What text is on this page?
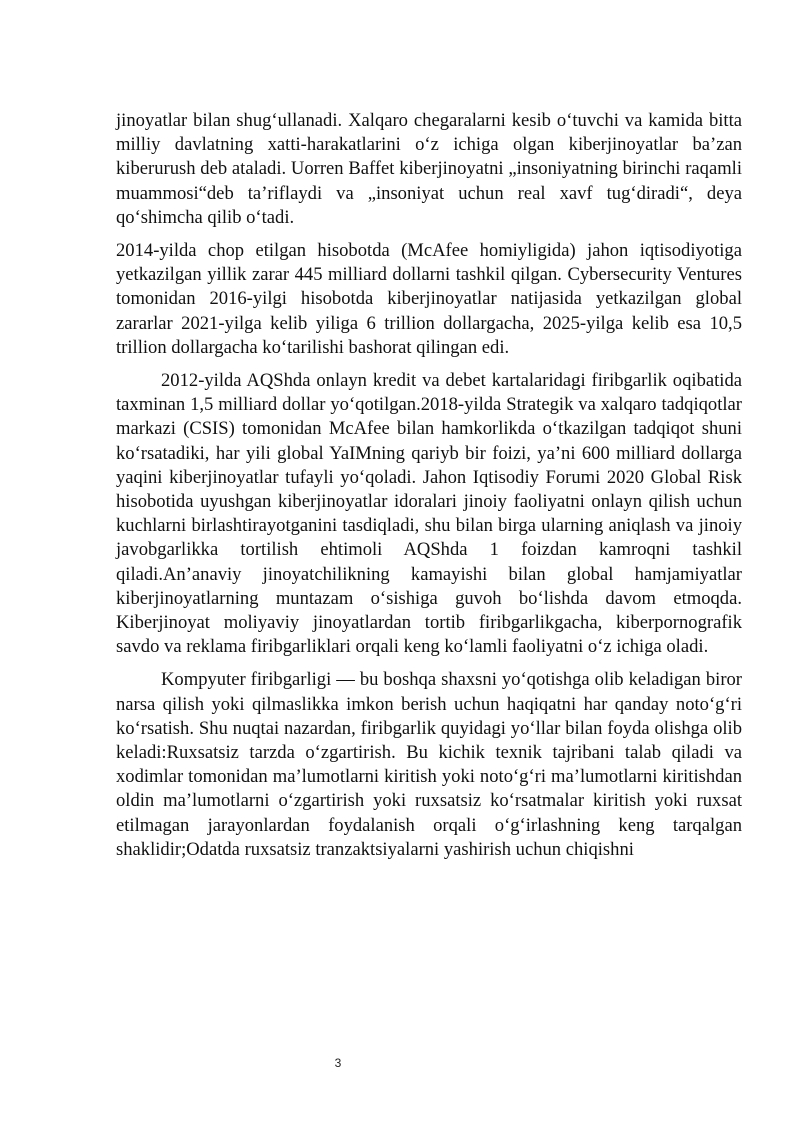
jinoyatlar bilan shug‘ullanadi. Xalqaro chegaralarni kesib o‘tuvchi va kamida bitta milliy davlatning xatti-harakatlarini o‘z ichiga olgan kiberjinoyatlar ba’zan kiberurush deb ataladi. Uorren Baffet kiberjinoyatni „insoniyatning birinchi raqamli muammosi“deb ta’riflaydi va „insoniyat uchun real xavf tug‘diradi“, deya qo‘shimcha qilib o‘tadi.

2014-yilda chop etilgan hisobotda (McAfee homiyligida) jahon iqtisodiyotiga yetkazilgan yillik zarar 445 milliard dollarni tashkil qilgan. Cybersecurity Ventures tomonidan 2016-yilgi hisobotda kiberjinoyatlar natijasida yetkazilgan global zararlar 2021-yilga kelib yiliga 6 trillion dollargacha, 2025-yilga kelib esa 10,5 trillion dollargacha ko‘tarilishi bashorat qilingan edi.

2012-yilda AQShda onlayn kredit va debet kartalaridagi firibgarlik oqibatida taxminan 1,5 milliard dollar yo‘qotilgan.2018-yilda Strategik va xalqaro tadqiqotlar markazi (CSIS) tomonidan McAfee bilan hamkorlikda o‘tkazilgan tadqiqot shuni ko‘rsatadiki, har yili global YaIMning qariyb bir foizi, ya’ni 600 milliard dollarga yaqini kiberjinoyatlar tufayli yo‘qoladi. Jahon Iqtisodiy Forumi 2020 Global Risk hisobotida uyushgan kiberjinoyatlar idoralari jinoiy faoliyatni onlayn qilish uchun kuchlarni birlashtirayotganini tasdiqladi, shu bilan birga ularning aniqlash va jinoiy javobgarlikka tortilish ehtimoli AQShda 1 foizdan kamroqni tashkil qiladi.An’anaviy jinoyatchilikning kamayishi bilan global hamjamiyatlar kiberjinoyatlarning muntazam o‘sishiga guvoh bo‘lishda davom etmoqda. Kiberjinoyat moliyaviy jinoyatlardan tortib firibgarlikgacha, kiberpornografik savdo va reklama firibgarliklari orqali keng ko‘lamli faoliyatni o‘z ichiga oladi.

Kompyuter firibgarligi — bu boshqa shaxsni yo‘qotishga olib keladigan biror narsa qilish yoki qilmaslikka imkon berish uchun haqiqatni har qanday noto‘g‘ri ko‘rsatish. Shu nuqtai nazardan, firibgarlik quyidagi yo‘llar bilan foyda olishga olib keladi:Ruxsatsiz tarzda o‘zgartirish. Bu kichik texnik tajribani talab qiladi va xodimlar tomonidan ma’lumotlarni kiritish yoki noto‘g‘ri ma’lumotlarni kiritishdan oldin ma’lumotlarni o‘zgartirish yoki ruxsatsiz ko‘rsatmalar kiritish yoki ruxsat etilmagan jarayonlardan foydalanish orqali o‘g‘irlashning keng tarqalgan shaklidir;Odatda ruxsatsiz tranzaktsiyalarni yashirish uchun chiqishni

3
